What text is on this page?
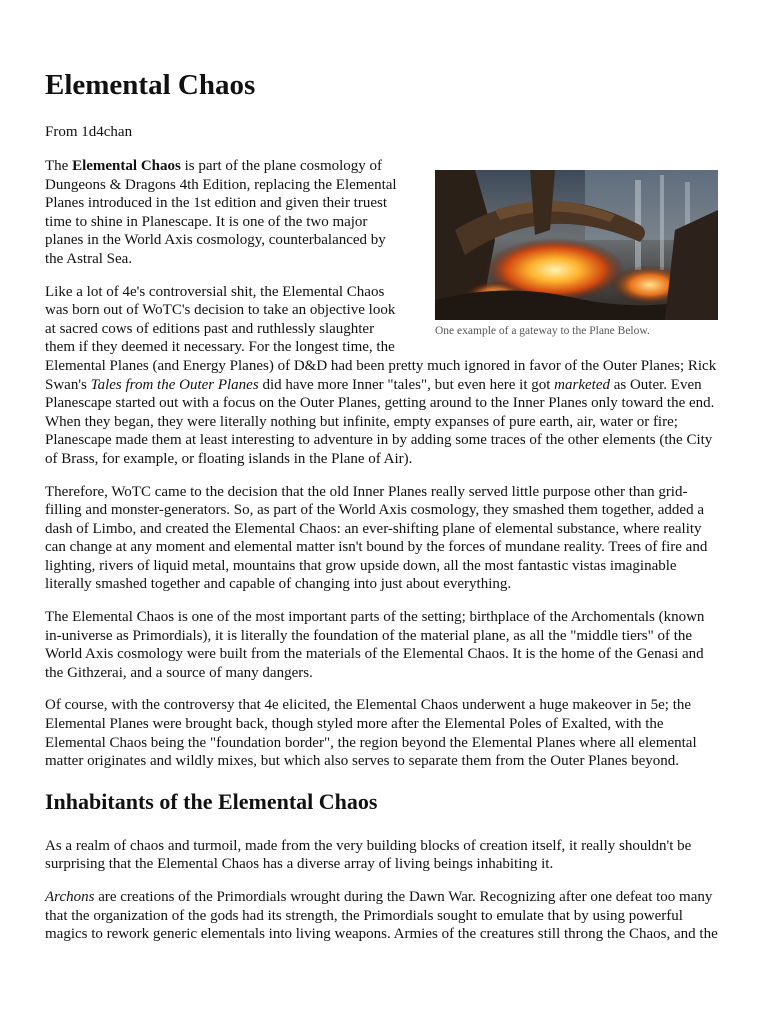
Elemental Chaos
From 1d4chan
One example of a gateway to the Plane Below.

The Elemental Chaos is part of the plane cosmology of Dungeons & Dragons 4th Edition, replacing the Elemental Planes introduced in the 1st edition and given their truest time to shine in Planescape. It is one of the two major planes in the World Axis cosmology, counterbalanced by the Astral Sea.

Like a lot of 4e's controversial shit, the Elemental Chaos was born out of WoTC's decision to take an objective look at sacred cows of editions past and ruthlessly slaughter them if they deemed it necessary. For the longest time, the Elemental Planes (and Energy Planes) of D&D had been pretty much ignored in favor of the Outer Planes; Rick Swan's Tales from the Outer Planes did have more Inner "tales", but even here it got marketed as Outer. Even Planescape started out with a focus on the Outer Planes, getting around to the Inner Planes only toward the end. When they began, they were literally nothing but infinite, empty expanses of pure earth, air, water or fire; Planescape made them at least interesting to adventure in by adding some traces of the other elements (the City of Brass, for example, or floating islands in the Plane of Air).

Therefore, WoTC came to the decision that the old Inner Planes really served little purpose other than grid-filling and monster-generators. So, as part of the World Axis cosmology, they smashed them together, added a dash of Limbo, and created the Elemental Chaos: an ever-shifting plane of elemental substance, where reality can change at any moment and elemental matter isn't bound by the forces of mundane reality. Trees of fire and lighting, rivers of liquid metal, mountains that grow upside down, all the most fantastic vistas imaginable literally smashed together and capable of changing into just about everything.

The Elemental Chaos is one of the most important parts of the setting; birthplace of the Archomentals (known in-universe as Primordials), it is literally the foundation of the material plane, as all the "middle tiers" of the World Axis cosmology were built from the materials of the Elemental Chaos. It is the home of the Genasi and the Githzerai, and a source of many dangers.

Of course, with the controversy that 4e elicited, the Elemental Chaos underwent a huge makeover in 5e; the Elemental Planes were brought back, though styled more after the Elemental Poles of Exalted, with the Elemental Chaos being the "foundation border", the region beyond the Elemental Planes where all elemental matter originates and wildly mixes, but which also serves to separate them from the Outer Planes beyond.

Inhabitants of the Elemental Chaos

As a realm of chaos and turmoil, made from the very building blocks of creation itself, it really shouldn't be surprising that the Elemental Chaos has a diverse array of living beings inhabiting it.

Archons are creations of the Primordials wrought during the Dawn War. Recognizing after one defeat too many that the organization of the gods had its strength, the Primordials sought to emulate that by using powerful magics to rework generic elementals into living weapons. Armies of the creatures still throng the Chaos, and the
